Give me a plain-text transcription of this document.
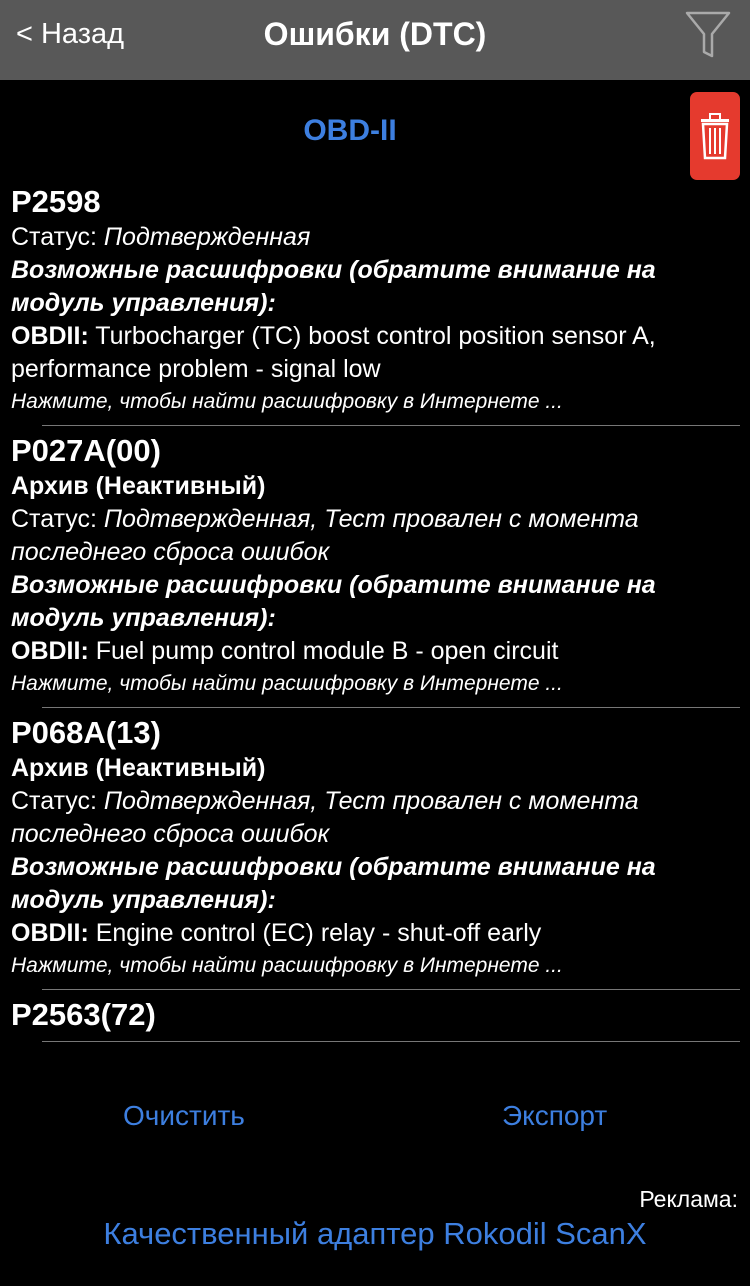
< Назад	Ошибки (DTC)
OBD-II
P2598
Статус: Подтвержденная
Возможные расшифровки (обратите внимание на модуль управления):
OBDII: Turbocharger (TC) boost control position sensor A, performance problem - signal low
Нажмите, чтобы найти расшифровку в Интернете ...
P027A(00)
Архив (Неактивный)
Статус: Подтвержденная, Тест провален с момента последнего сброса ошибок
Возможные расшифровки (обратите внимание на модуль управления):
OBDII: Fuel pump control module B - open circuit
Нажмите, чтобы найти расшифровку в Интернете ...
P068A(13)
Архив (Неактивный)
Статус: Подтвержденная, Тест провален с момента последнего сброса ошибок
Возможные расшифровки (обратите внимание на модуль управления):
OBDII: Engine control (EC) relay - shut-off early
Нажмите, чтобы найти расшифровку в Интернете ...
P2563(72)
Очистить	Экспорт
Реклама:
Качественный адаптер Rokodil ScanX
